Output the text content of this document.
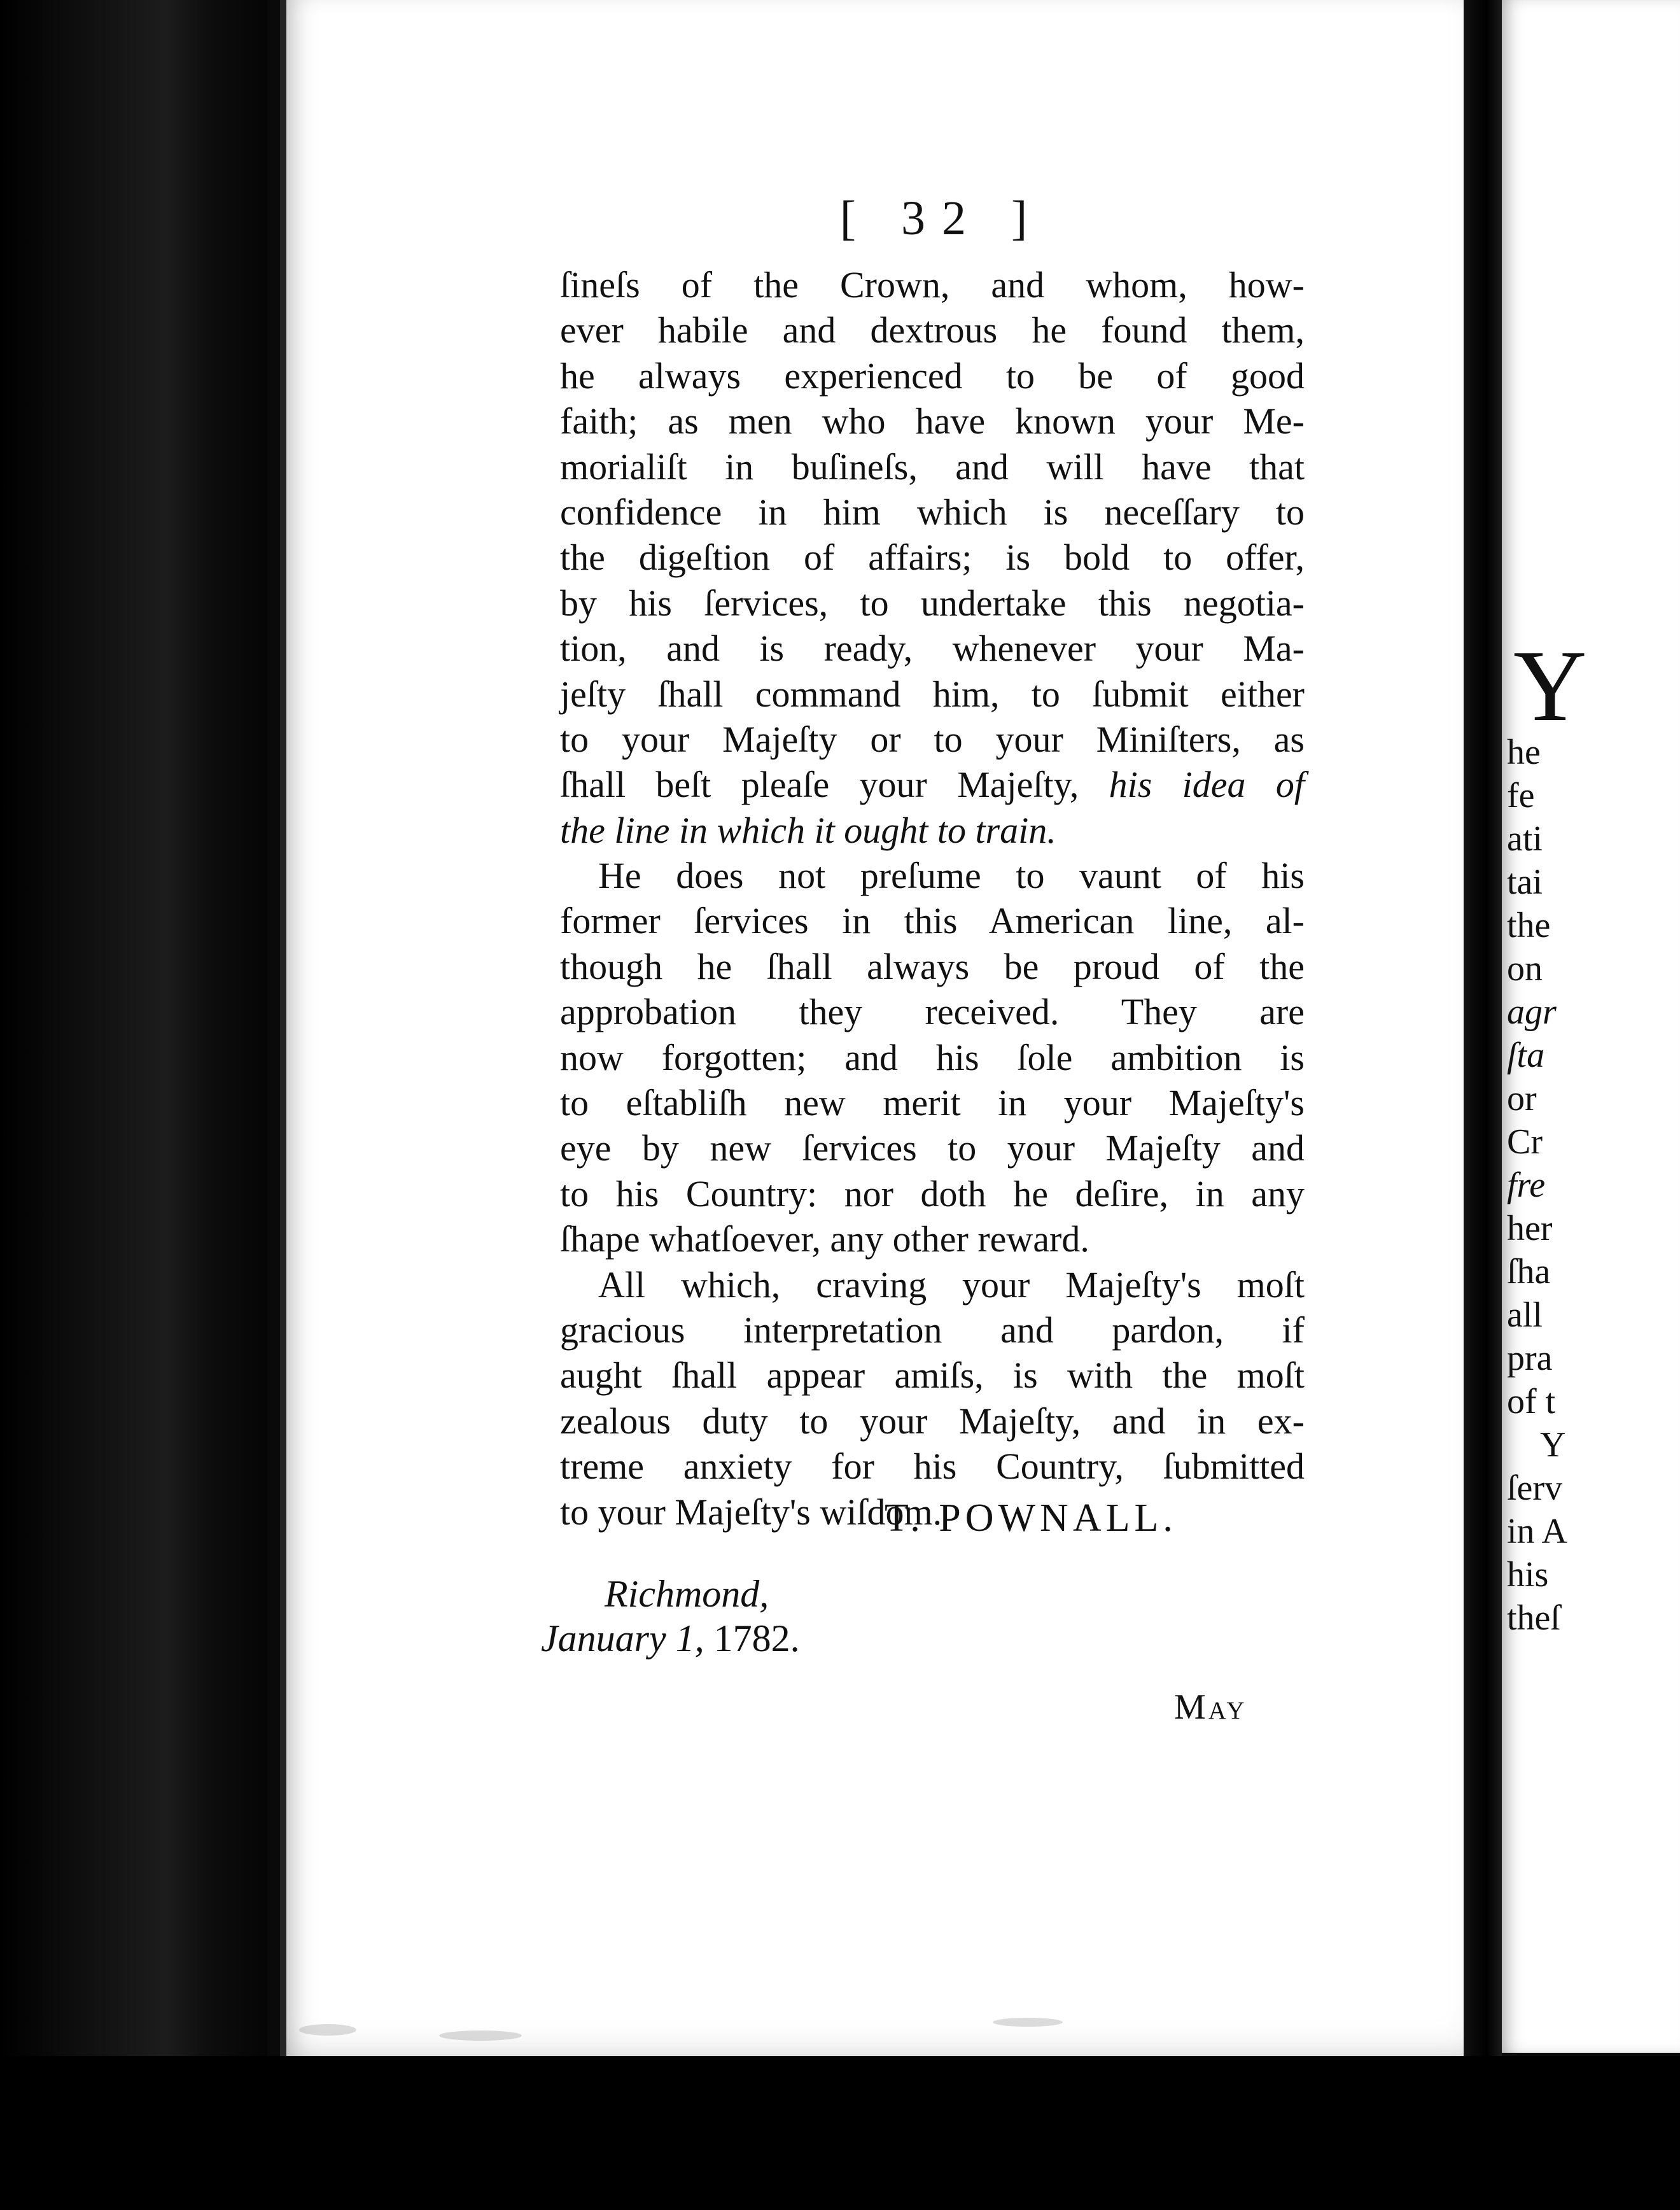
Y
he
fe
ati
tai
the
on
agr
ſta
or
Cr
fre
her
ſha
all
pra
of t
Y
ſerv
in A
his
theſ
[ 32 ]
ſineſs of the Crown, and whom, how-
ever habile and dextrous he found them,
he always experienced to be of good
faith; as men who have known your Me-
morialiſt in buſineſs, and will have that
confidence in him which is neceſſary to
the digeſtion of affairs; is bold to offer,
by his ſervices, to undertake this negotia-
tion, and is ready, whenever your Ma-
jeſty ſhall command him, to ſubmit either
to your Majeſty or to your Miniſters, as
ſhall beſt pleaſe your Majeſty, his idea of
the line in which it ought to train.
He does not preſume to vaunt of his
former ſervices in this American line, al-
though he ſhall always be proud of the
approbation they received. They are
now forgotten; and his ſole ambition is
to eſtabliſh new merit in your Majeſty's
eye by new ſervices to your Majeſty and
to his Country: nor doth he deſire, in any
ſhape whatſoever, any other reward.
All which, craving your Majeſty's moſt
gracious interpretation and pardon, if
aught ſhall appear amiſs, is with the moſt
zealous duty to your Majeſty, and in ex-
treme anxiety for his Country, ſubmitted
to your Majeſty's wiſdom.
T. POWNALL.
Richmond,
January 1, 1782.
May
